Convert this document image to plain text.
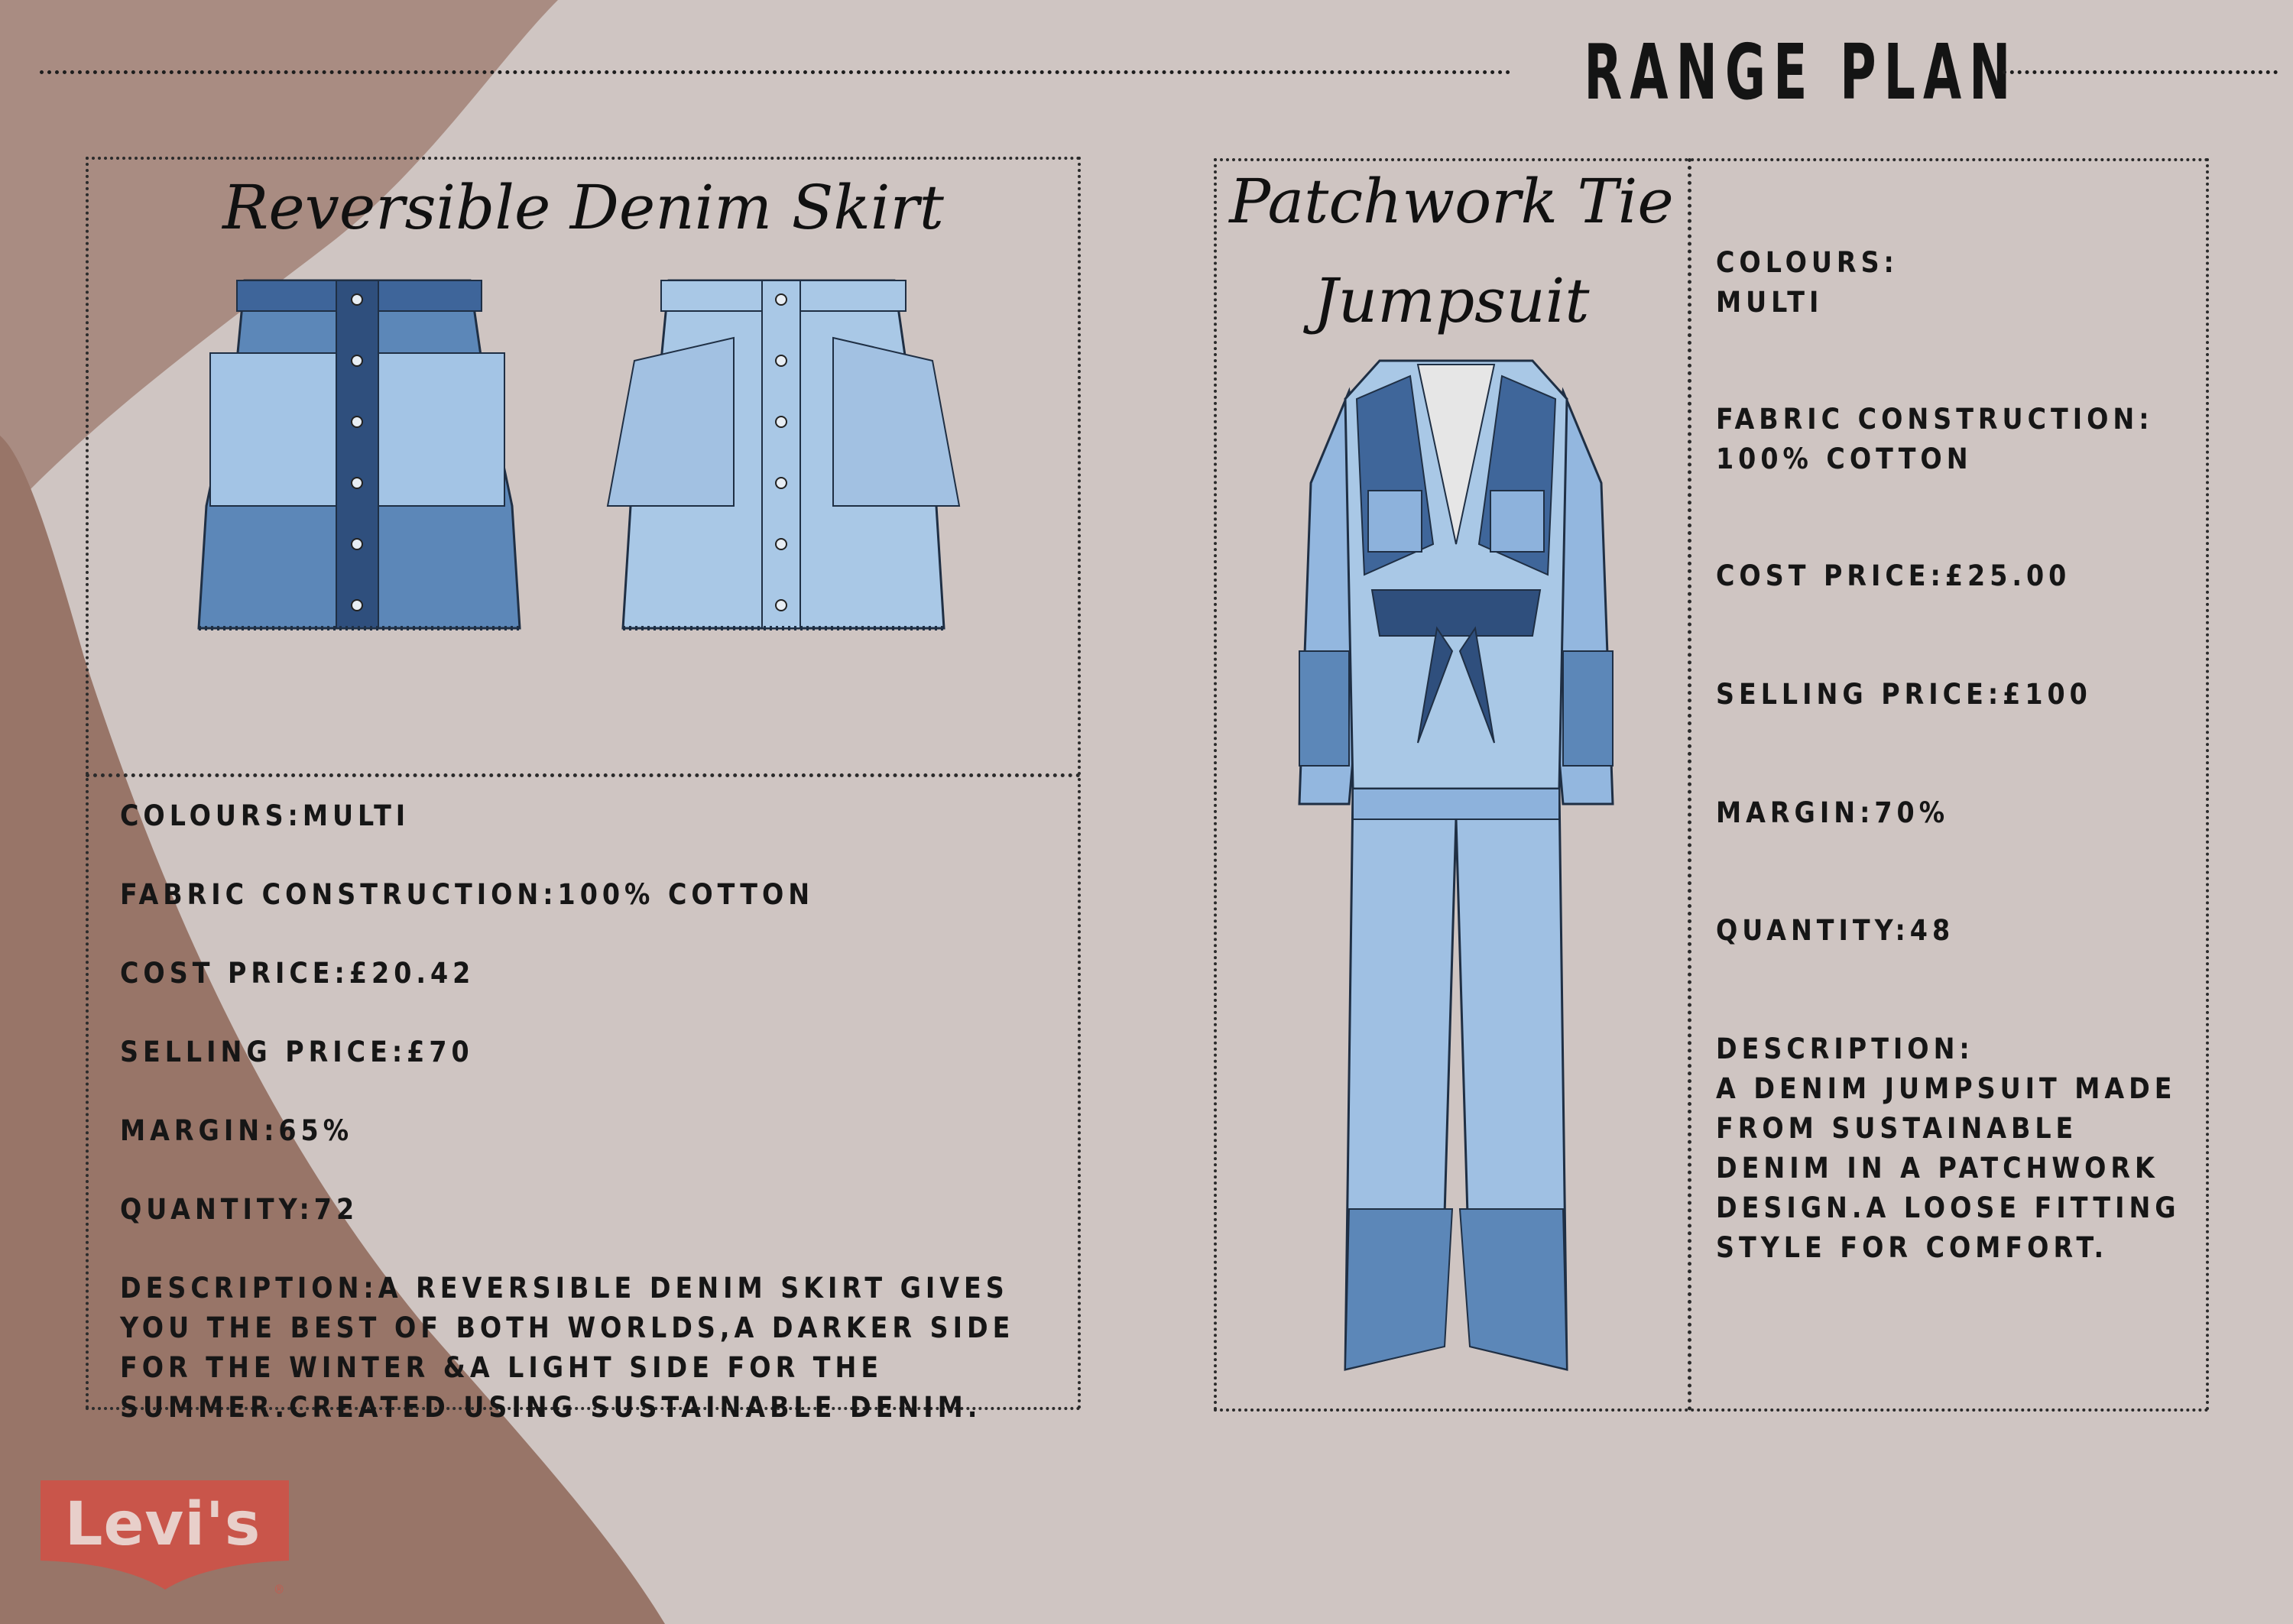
RANGE PLAN
Reversible Denim Skirt

COLOURS:MULTI

FABRIC CONSTRUCTION:100% COTTON

COST PRICE:£20.42

SELLING PRICE:£70

MARGIN:65%

QUANTITY:72

DESCRIPTION:A REVERSIBLE DENIM SKIRT GIVES YOU THE BEST OF BOTH WORLDS,A DARKER SIDE FOR THE WINTER &A LIGHT SIDE FOR THE SUMMER.CREATED USING SUSTAINABLE DENIM.

Patchwork Tie
Jumpsuit

COLOURS:

MULTI

FABRIC CONSTRUCTION:

100% COTTON

COST PRICE:£25.00

SELLING PRICE:£100

MARGIN:70%

QUANTITY:48

DESCRIPTION:

A DENIM JUMPSUIT MADE FROM SUSTAINABLE DENIM IN A PATCHWORK DESIGN.A LOOSE FITTING STYLE FOR COMFORT.

Levi's
®
